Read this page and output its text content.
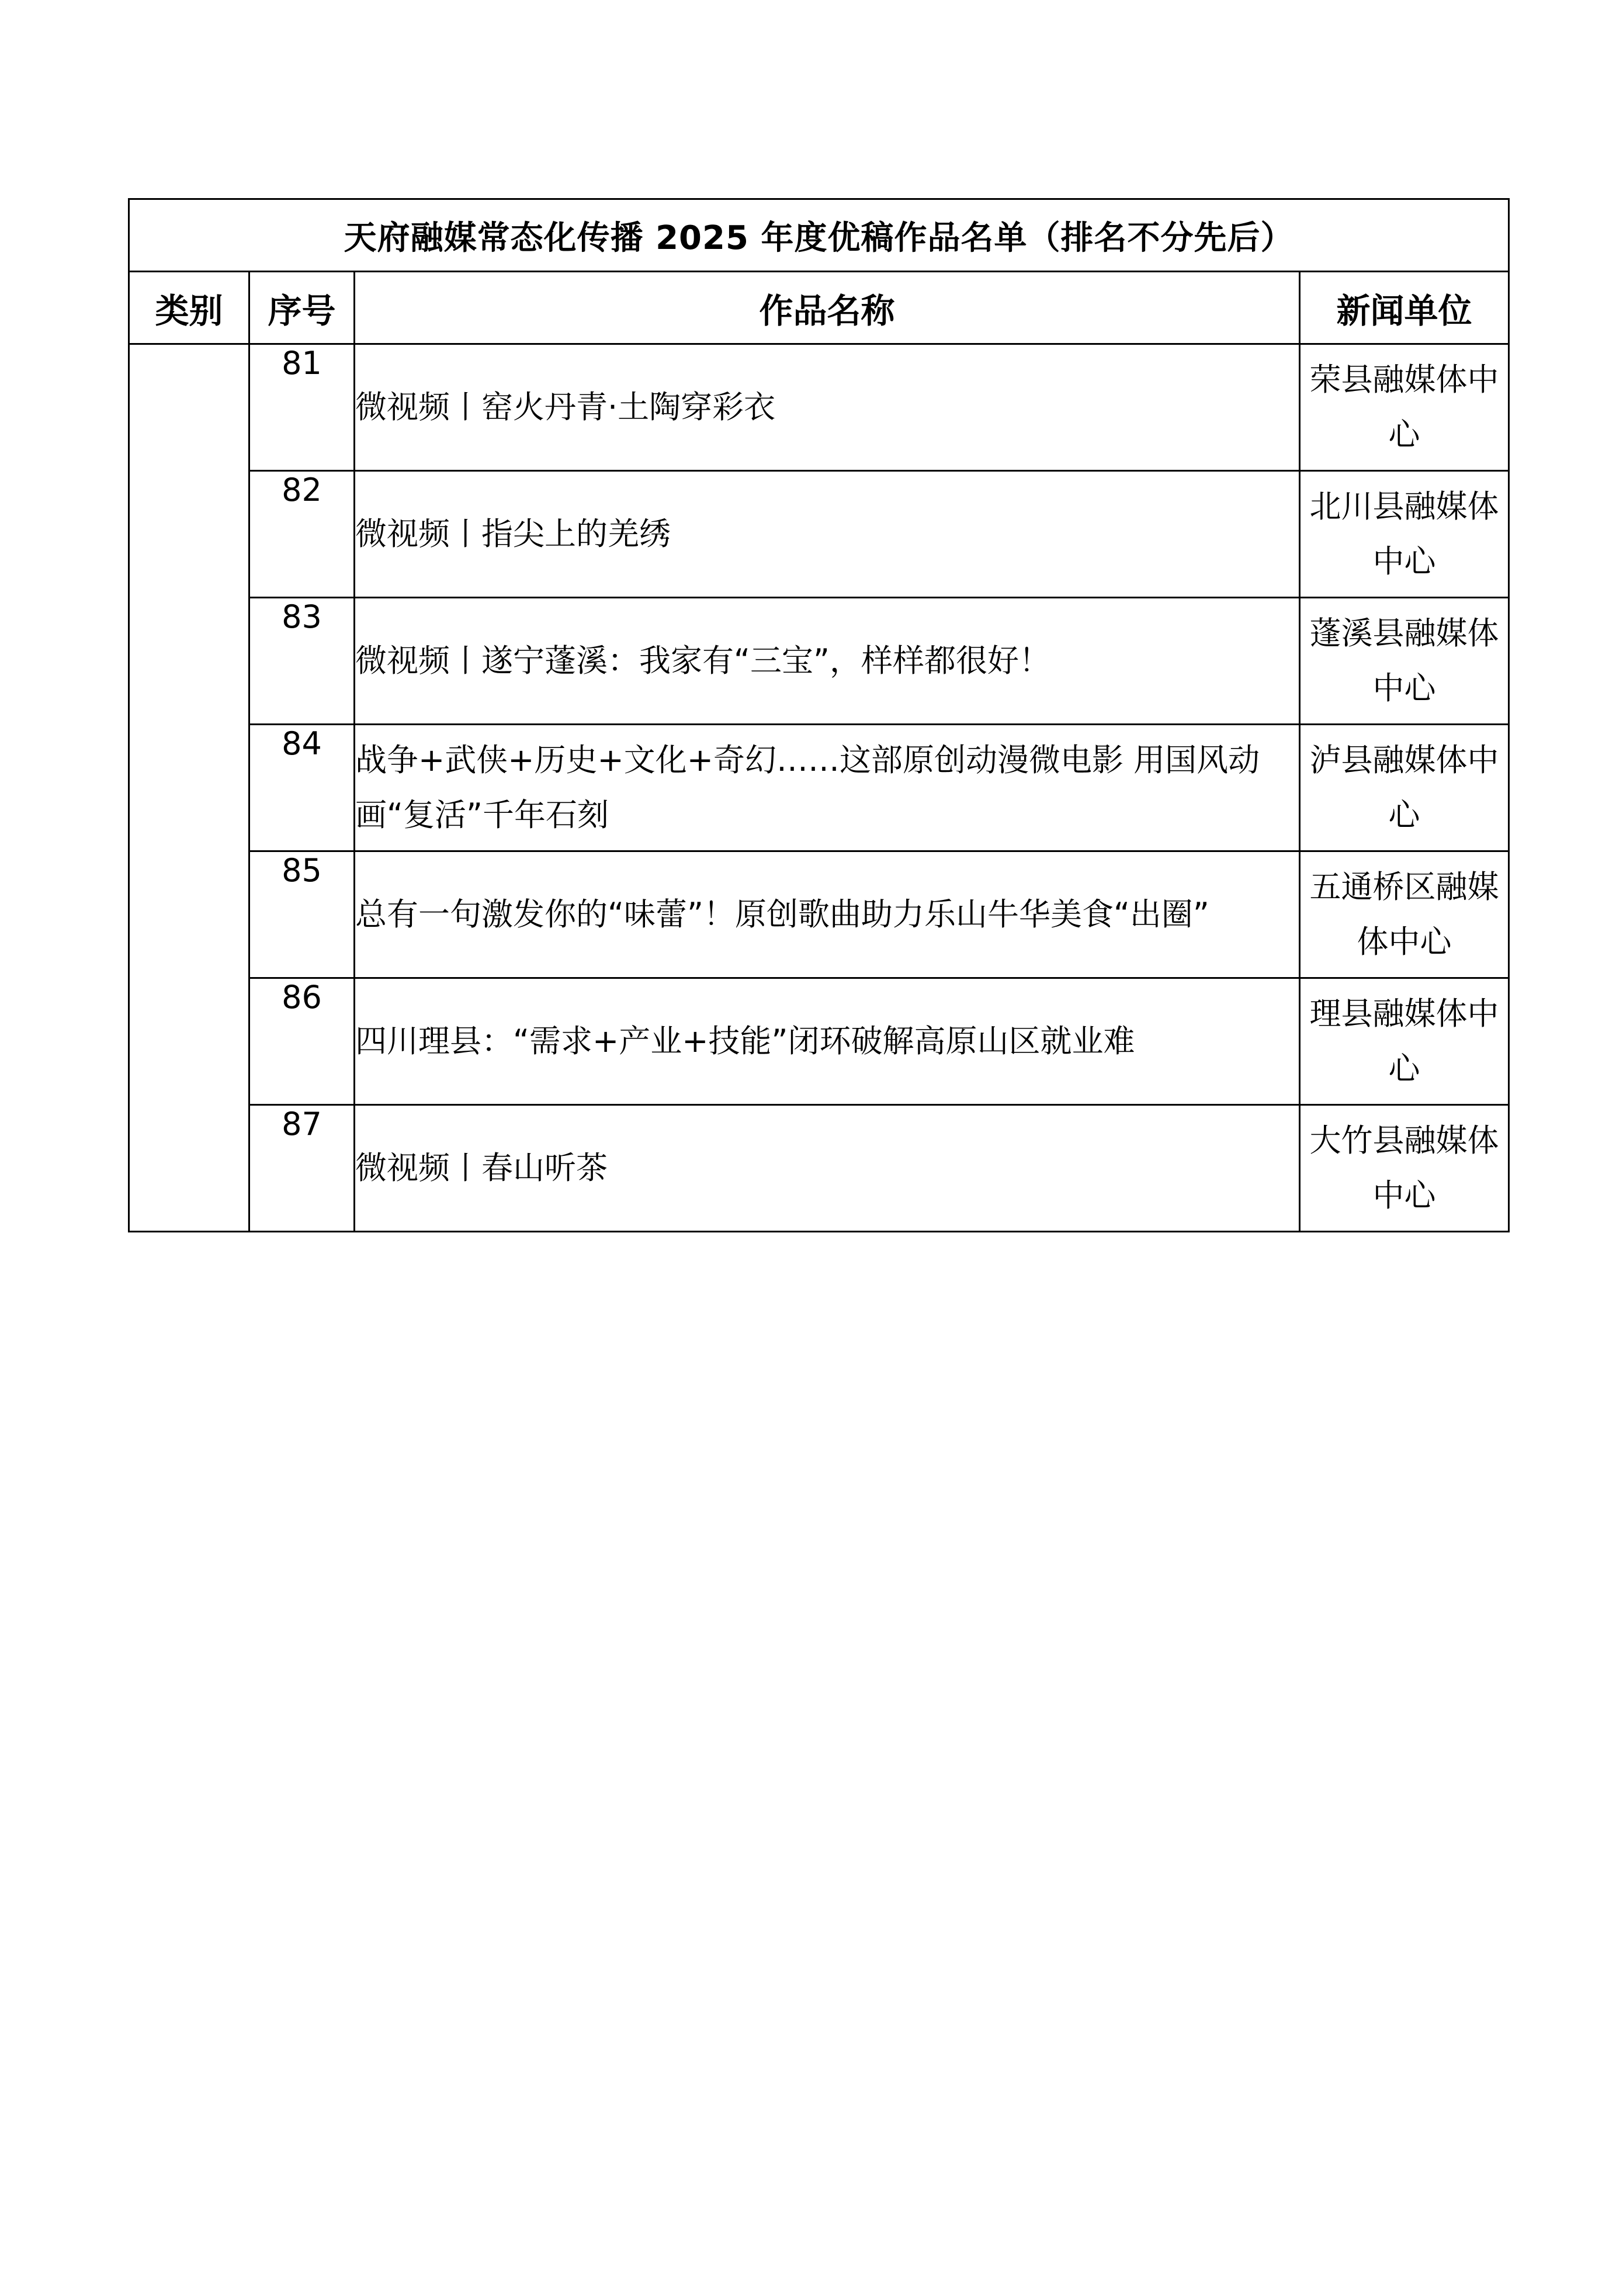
天府融媒常态化传播 2025 年度优稿作品名单（排名不分先后）			
类别	序号	作品名称	新闻单位
	81	微视频丨窑火丹青·土陶穿彩衣	荣县融媒体中心

	82	微视频丨指尖上的羌绣	北川县融媒体中心

	83	微视频丨遂宁蓬溪：我家有“三宝”，样样都很好！	蓬溪县融媒体中心

	84	战争+武侠+历史+文化+奇幻……这部原创动漫微电影 用国风动画“复活”千年石刻	泸县融媒体中心

	85	总有一句激发你的“味蕾”！原创歌曲助力乐山牛华美食“出圈”	五通桥区融媒体中心

	86	四川理县：“需求+产业+技能”闭环破解高原山区就业难	理县融媒体中心

	87	微视频丨春山听茶	大竹县融媒体中心
